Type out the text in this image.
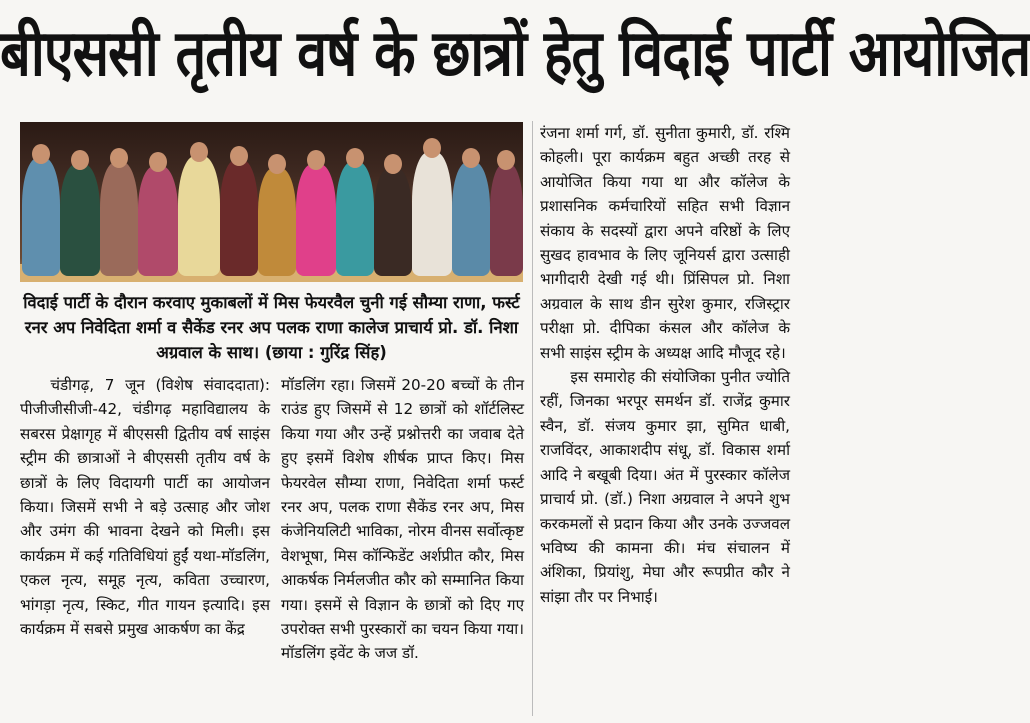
बीएससी तृतीय वर्ष के छात्रों हेतु विदाई पार्टी आयोजित
विदाई पार्टी के दौरान करवाए मुकाबलों में मिस फेयरवैल चुनी गई सौम्या राणा, फर्स्ट रनर अप निवेदिता शर्मा व सैकेंड रनर अप पलक राणा कालेज प्राचार्य प्रो. डॉ. निशा अग्रवाल के साथ। (छाया : गुरिंद्र सिंह)

चंडीगढ़, 7 जून (विशेष संवाददाता): पीजीजीसीजी-42, चंडीगढ़ महाविद्यालय के सबरस प्रेक्षागृह में बीएससी द्वितीय वर्ष साइंस स्ट्रीम की छात्राओं ने बीएससी तृतीय वर्ष के छात्रों के लिए विदायगी पार्टी का आयोजन किया। जिसमें सभी ने बड़े उत्साह और जोश और उमंग की भावना देखने को मिली। इस कार्यक्रम में कई गतिविधियां हुईं यथा-मॉडलिंग, एकल नृत्य, समूह नृत्य, कविता उच्चारण, भांगड़ा नृत्य, स्किट, गीत गायन इत्यादि। इस कार्यक्रम में सबसे प्रमुख आकर्षण का केंद्र

मॉडलिंग रहा। जिसमें 20-20 बच्चों के तीन राउंड हुए जिसमें से 12 छात्रों को शॉर्टलिस्ट किया गया और उन्हें प्रश्नोत्तरी का जवाब देते हुए इसमें विशेष शीर्षक प्राप्त किए। मिस फेयरवेल सौम्या राणा, निवेदिता शर्मा फर्स्ट रनर अप, पलक राणा सैकेंड रनर अप, मिस कंजेनियलिटी भाविका, नोरम वीनस सर्वोत्कृष्ट वेशभूषा, मिस कॉन्फिडेंट अर्शप्रीत कौर, मिस आकर्षक निर्मलजीत कौर को सम्मानित किया गया। इसमें से विज्ञान के छात्रों को दिए गए उपरोक्त सभी पुरस्कारों का चयन किया गया। मॉडलिंग इवेंट के जज डॉ.

रंजना शर्मा गर्ग, डॉ. सुनीता कुमारी, डॉ. रश्मि कोहली। पूरा कार्यक्रम बहुत अच्छी तरह से आयोजित किया गया था और कॉलेज के प्रशासनिक कर्मचारियों सहित सभी विज्ञान संकाय के सदस्यों द्वारा अपने वरिष्ठों के लिए सुखद हावभाव के लिए जूनियर्स द्वारा उत्साही भागीदारी देखी गई थी। प्रिंसिपल प्रो. निशा अग्रवाल के साथ डीन सुरेश कुमार, रजिस्ट्रार परीक्षा प्रो. दीपिका कंसल और कॉलेज के सभी साइंस स्ट्रीम के अध्यक्ष आदि मौजूद रहे।

इस समारोह की संयोजिका पुनीत ज्योति रहीं, जिनका भरपूर समर्थन डॉ. राजेंद्र कुमार स्वैन, डॉ. संजय कुमार झा, सुमित धाबी, राजविंदर, आकाशदीप संधू, डॉ. विकास शर्मा आदि ने बखूबी दिया। अंत में पुरस्कार कॉलेज प्राचार्य प्रो. (डॉ.) निशा अग्रवाल ने अपने शुभ करकमलों से प्रदान किया और उनके उज्जवल भविष्य की कामना की। मंच संचालन में अंशिका, प्रियांशु, मेघा और रूपप्रीत कौर ने सांझा तौर पर निभाई।
